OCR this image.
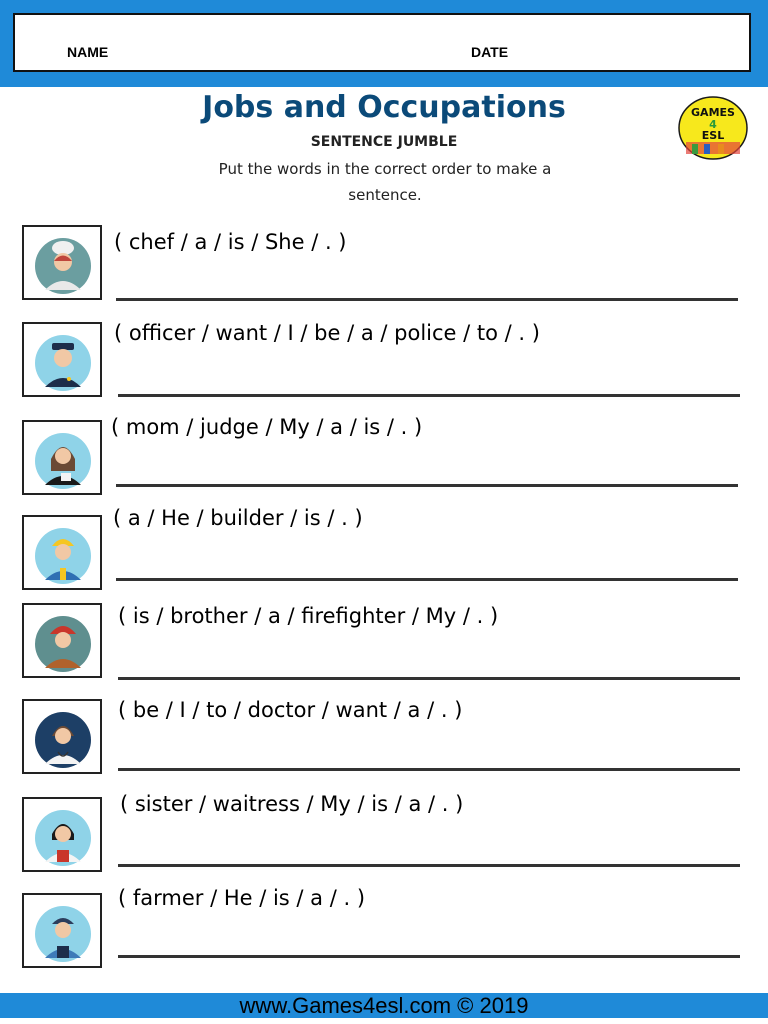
NAME	DATE
Jobs and Occupations
SENTENCE JUMBLE
Put the words in the correct order to make a sentence.
GAMES
4
ESL
( chef / a / is / She / . )
( officer / want / I / be / a / police / to / . )
( mom / judge / My / a / is / . )
( a / He / builder / is / . )
( is / brother / a / firefighter / My / . )
( be / I / to / doctor / want / a / . )
( sister / waitress / My / is / a / . )
( farmer / He / is / a / . )
www.Games4esl.com © 2019
